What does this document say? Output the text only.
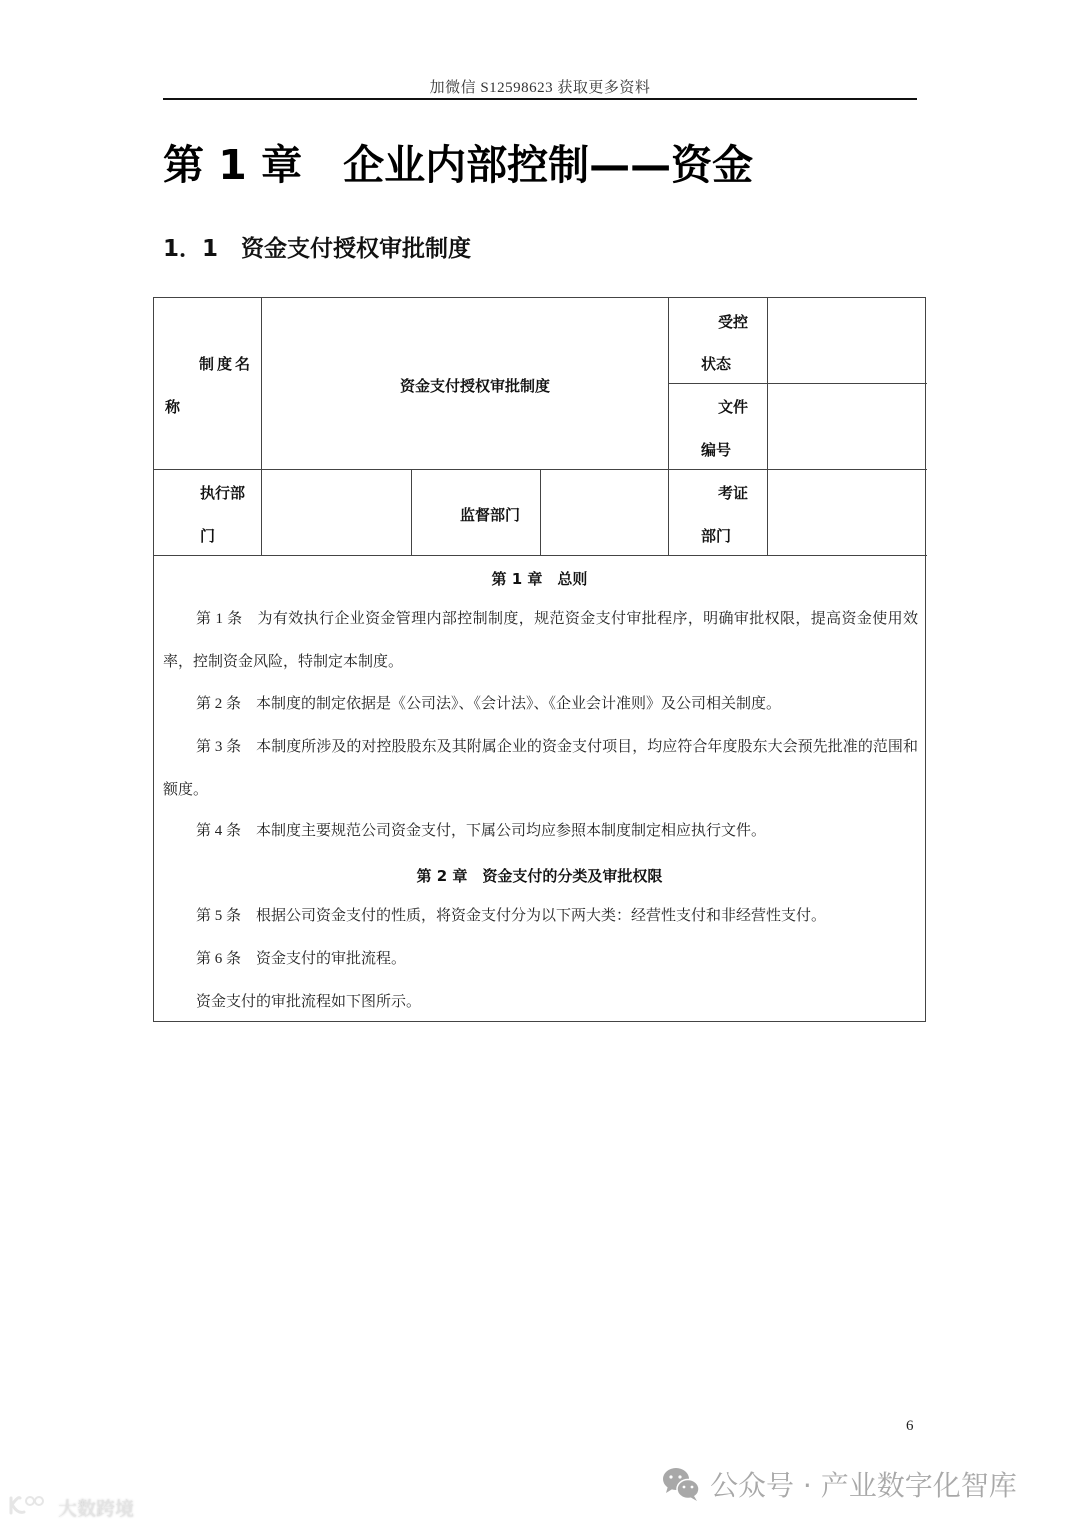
加微信 S12598623 获取更多资料
第 1 章　企业内部控制——资金
1．1　资金支付授权审批制度
制度名
称
资金支付授权审批制度
受控
状态
文件
编号
执行部
门
监督部门
考证
部门
第 1 章　总则
第 1 条 为有效执行企业资金管理内部控制制度，规范资金支付审批程序，明确审批权限，提高资金使用效率，控制资金风险，特制定本制度。
第 2 条 本制度的制定依据是《公司法》、《会计法》、《企业会计准则》及公司相关制度。
第 3 条 本制度所涉及的对控股股东及其附属企业的资金支付项目，均应符合年度股东大会预先批准的范围和额度。
第 4 条 本制度主要规范公司资金支付，下属公司均应参照本制度制定相应执行文件。
第 2 章　资金支付的分类及审批权限
第 5 条 根据公司资金支付的性质，将资金支付分为以下两大类：经营性支付和非经营性支付。
第 6 条 资金支付的审批流程。
资金支付的审批流程如下图所示。
6
公众号 · 产业数字化智库
大数跨境
